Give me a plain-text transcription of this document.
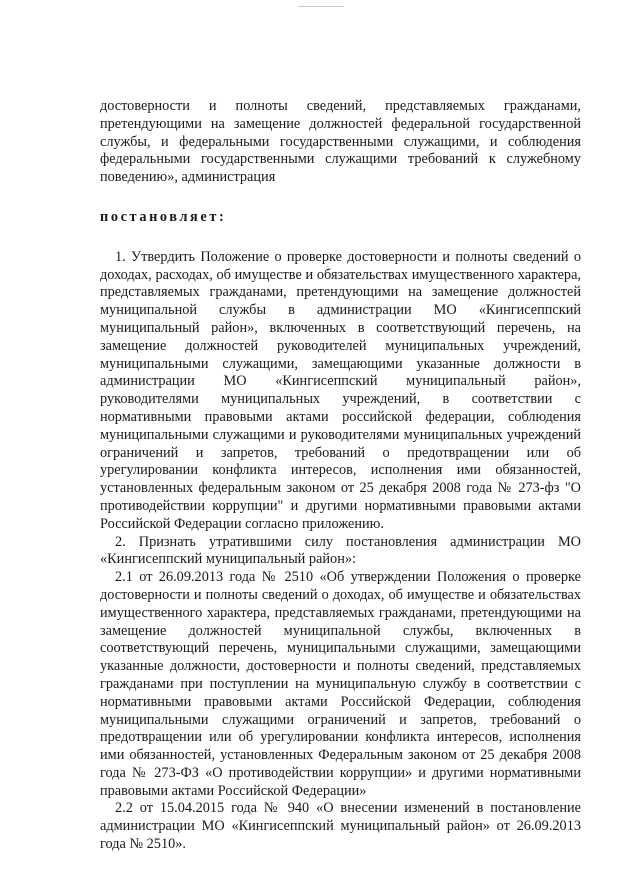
достоверности и полноты сведений, представляемых гражданами, претендующими на замещение должностей федеральной государственной службы, и федеральными государственными служащими, и соблюдения федеральными государственными служащими требований к служебному поведению», администрация

постановляет:

1. Утвердить Положение о проверке достоверности и полноты сведений о доходах, расходах, об имуществе и обязательствах имущественного характера, представляемых гражданами, претендующими на замещение должностей муниципальной службы в администрации МО «Кингисеппский муниципальный район», включенных в соответствующий перечень, на замещение должностей руководителей муниципальных учреждений, муниципальными служащими, замещающими указанные должности в администрации МО «Кингисеппский муниципальный район», руководителями муниципальных учреждений, в соответствии с нормативными правовыми актами российской федерации, соблюдения муниципальными служащими и руководителями муниципальных учреждений ограничений и запретов, требований о предотвращении или об урегулировании конфликта интересов, исполнения ими обязанностей, установленных федеральным законом от 25 декабря 2008 года № 273-фз "О противодействии коррупции" и другими нормативными правовыми актами Российской Федерации согласно приложению.

2. Признать утратившими силу постановления администрации МО «Кингисеппский муниципальный район»:

2.1 от 26.09.2013 года № 2510 «Об утверждении Положения о проверке достоверности и полноты сведений о доходах, об имуществе и обязательствах имущественного характера, представляемых гражданами, претендующими на замещение должностей муниципальной службы, включенных в соответствующий перечень, муниципальными служащими, замещающими указанные должности, достоверности и полноты сведений, представляемых гражданами при поступлении на муниципальную службу в соответствии с нормативными правовыми актами Российской Федерации, соблюдения муниципальными служащими ограничений и запретов, требований о предотвращении или об урегулировании конфликта интересов, исполнения ими обязанностей, установленных Федеральным законом от 25 декабря 2008 года № 273-ФЗ «О противодействии коррупции» и другими нормативными правовыми актами Российской Федерации»

2.2 от 15.04.2015 года № 940 «О внесении изменений в постановление администрации МО «Кингисеппский муниципальный район» от 26.09.2013 года № 2510».
